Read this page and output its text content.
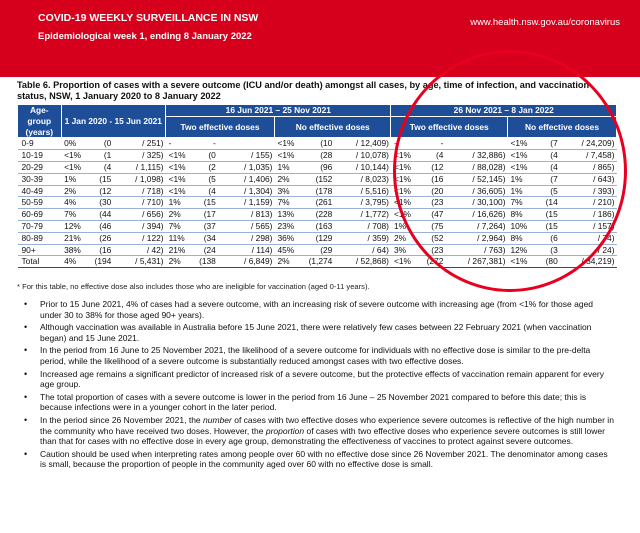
COVID-19 WEEKLY SURVEILLANCE IN NSW
Epidemiological week 1, ending 8 January 2022
www.health.nsw.gov.au/coronavirus
Table 6. Proportion of cases with a severe outcome (ICU and/or death) amongst all cases, by age, time of infection, and vaccination status, NSW, 1 January 2020 to 8 January 2022
Age-group (years)	1 Jan 2020 - 15 Jun 2021			16 Jun 2021 – 25 Nov 2021						26 Nov 2021 – 8 Jan 2022					
				Two effective doses			No effective doses			Two effective doses			No effective doses		

0-9	0%	(0	/ 251)	-	-		<1%	(10	/ 12,409)	-	-		<1%	(7	/ 24,209)
10-19	<1%	(1	/ 325)	<1%	(0	/ 155)	<1%	(28	/ 10,078)	<1%	(4	/ 32,886)	<1%	(4	/ 7,458)
20-29	<1%	(4	/ 1,115)	<1%	(2	/ 1,035)	1%	(96	/ 10,144)	<1%	(12	/ 88,028)	<1%	(4	/ 865)
30-39	1%	(15	/ 1,098)	<1%	(5	/ 1,406)	2%	(152	/ 8,023)	<1%	(16	/ 52,145)	1%	(7	/ 643)
40-49	2%	(12	/ 718)	<1%	(4	/ 1,304)	3%	(178	/ 5,516)	<1%	(20	/ 36,605)	1%	(5	/ 393)
50-59	4%	(30	/ 710)	1%	(15	/ 1,159)	7%	(261	/ 3,795)	<1%	(23	/ 30,100)	7%	(14	/ 210)
60-69	7%	(44	/ 656)	2%	(17	/ 813)	13%	(228	/ 1,772)	<1%	(47	/ 16,626)	8%	(15	/ 186)
70-79	12%	(46	/ 394)	7%	(37	/ 565)	23%	(163	/ 708)	1%	(75	/ 7,264)	10%	(15	/ 157)
80-89	21%	(26	/ 122)	11%	(34	/ 298)	36%	(129	/ 359)	2%	(52	/ 2,964)	8%	(6	/ 74)
90+	38%	(16	/ 42)	21%	(24	/ 114)	45%	(29	/ 64)	3%	(23	/ 763)	12%	(3	/ 24)
Total	4%	(194	/ 5,431)	2%	(138	/ 6,849)	2%	(1,274	/ 52,868)	<1%	(272	/ 267,381)	<1%	(80	/ 34,219)
* For this table, no effective dose also includes those who are ineligible for vaccination (aged 0-11 years).
• Prior to 15 June 2021, 4% of cases had a severe outcome, with an increasing risk of severe outcome with increasing age (from <1% for those aged under 30 to 38% for those aged 90+ years).
• Although vaccination was available in Australia before 15 June 2021, there were relatively few cases between 22 February 2021 (when vaccination began) and 15 June 2021.
• In the period from 16 June to 25 November 2021, the likelihood of a severe outcome for individuals with no effective dose is similar to the pre-delta period, while the likelihood of a severe outcome is substantially reduced amongst cases with two effective doses.
• Increased age remains a significant predictor of increased risk of a severe outcome, but the protective effects of vaccination remain apparent for every age group.
• The total proportion of cases with a severe outcome is lower in the period from 16 June – 25 November 2021 compared to before this date; this is because infections were in a younger cohort in the later period.
• In the period since 26 November 2021, the number of cases with two effective doses who experience severe outcomes is reflective of the high number in the community who have received two doses. However, the proportion of cases with two effective doses who experience severe outcomes is still lower than that for cases with no effective dose in every age group, demonstrating the effectiveness of vaccines to protect against severe outcomes.
• Caution should be used when interpreting rates among people over 60 with no effective dose since 26 November 2021. The denominator among cases is small, because the proportion of people in the community aged over 60 with no effective dose is small.
